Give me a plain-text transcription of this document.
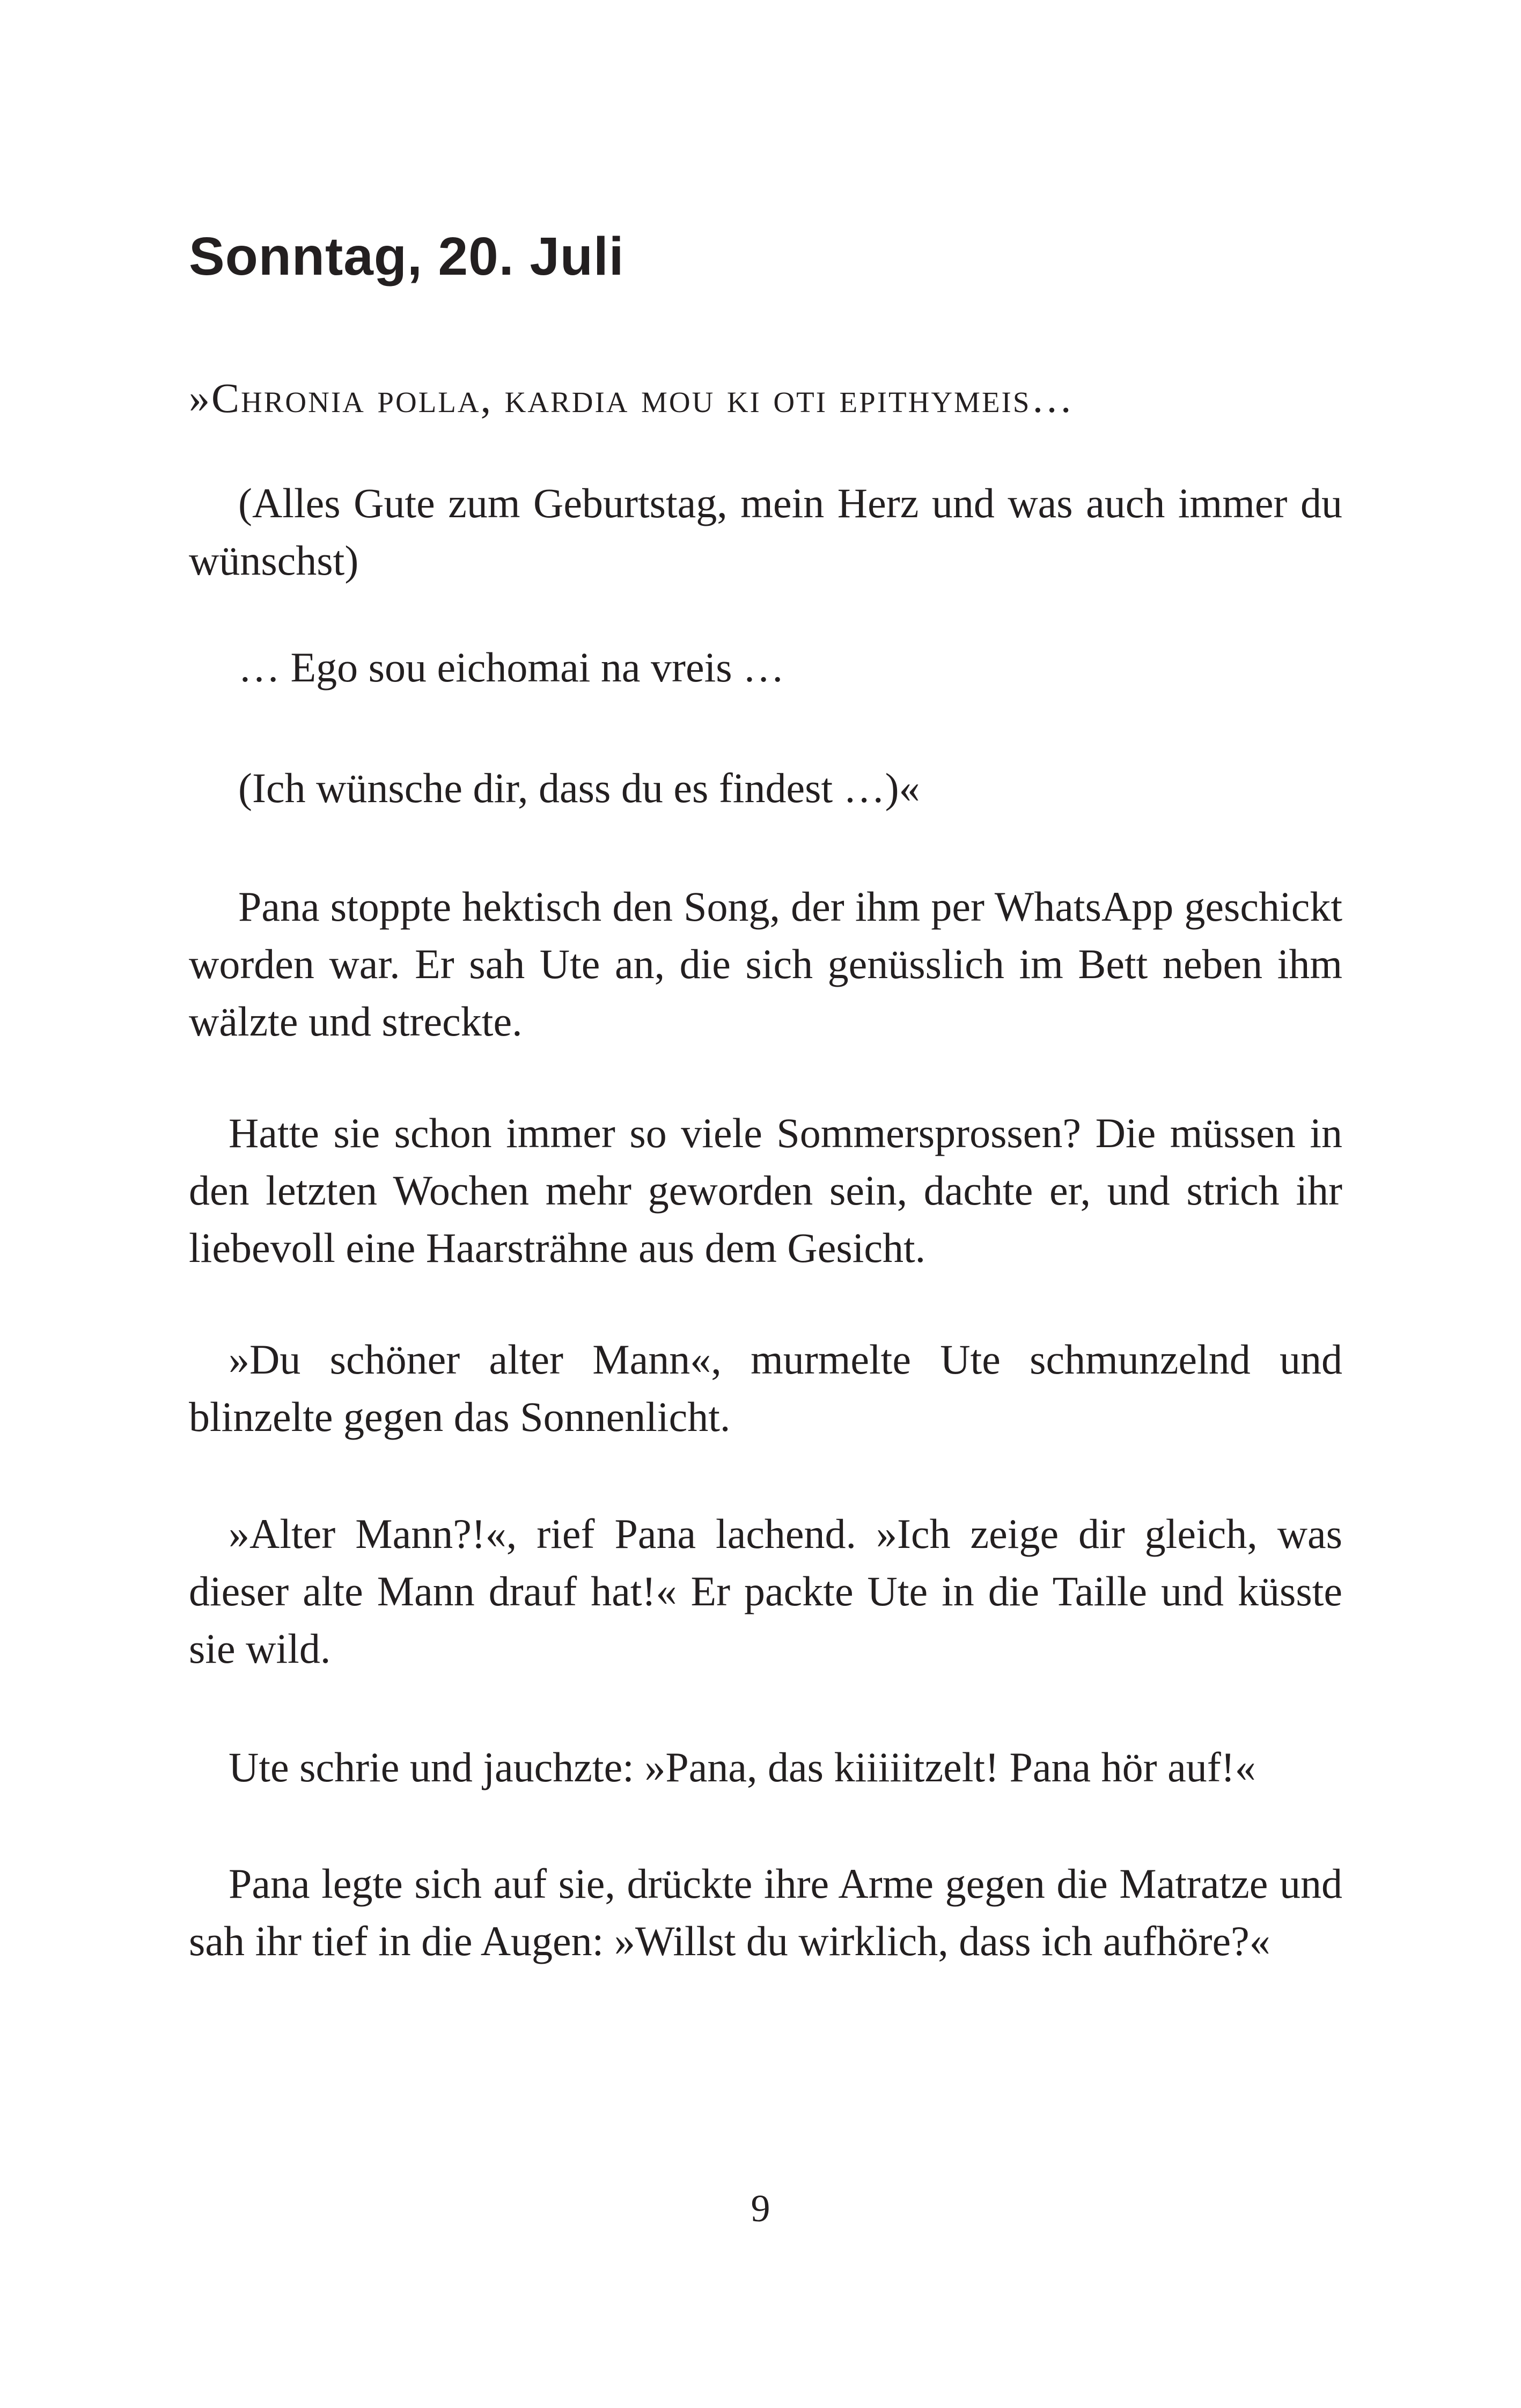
Sonntag, 20. Juli

»Chronia polla, kardia mou ki oti epithymeis…

(Alles Gute zum Geburtstag, mein Herz und was auch immer du wünschst)

… Ego sou eichomai na vreis …

(Ich wünsche dir, dass du es findest …)«

Pana stoppte hektisch den Song, der ihm per WhatsApp geschickt worden war. Er sah Ute an, die sich genüsslich im Bett neben ihm wälzte und streckte.

Hatte sie schon immer so viele Sommersprossen? Die müssen in den letzten Wochen mehr geworden sein, dachte er, und strich ihr liebevoll eine Haarsträhne aus dem Gesicht.

»Du schöner alter Mann«, murmelte Ute schmunzelnd und blinzelte gegen das Sonnenlicht.

»Alter Mann?!«, rief Pana lachend. »Ich zeige dir gleich, was dieser alte Mann drauf hat!« Er packte Ute in die Taille und küsste sie wild.

Ute schrie und jauchzte: »Pana, das kiiiiitzelt! Pana hör auf!«

Pana legte sich auf sie, drückte ihre Arme gegen die Matratze und sah ihr tief in die Augen: »Willst du wirklich, dass ich aufhöre?«

9
